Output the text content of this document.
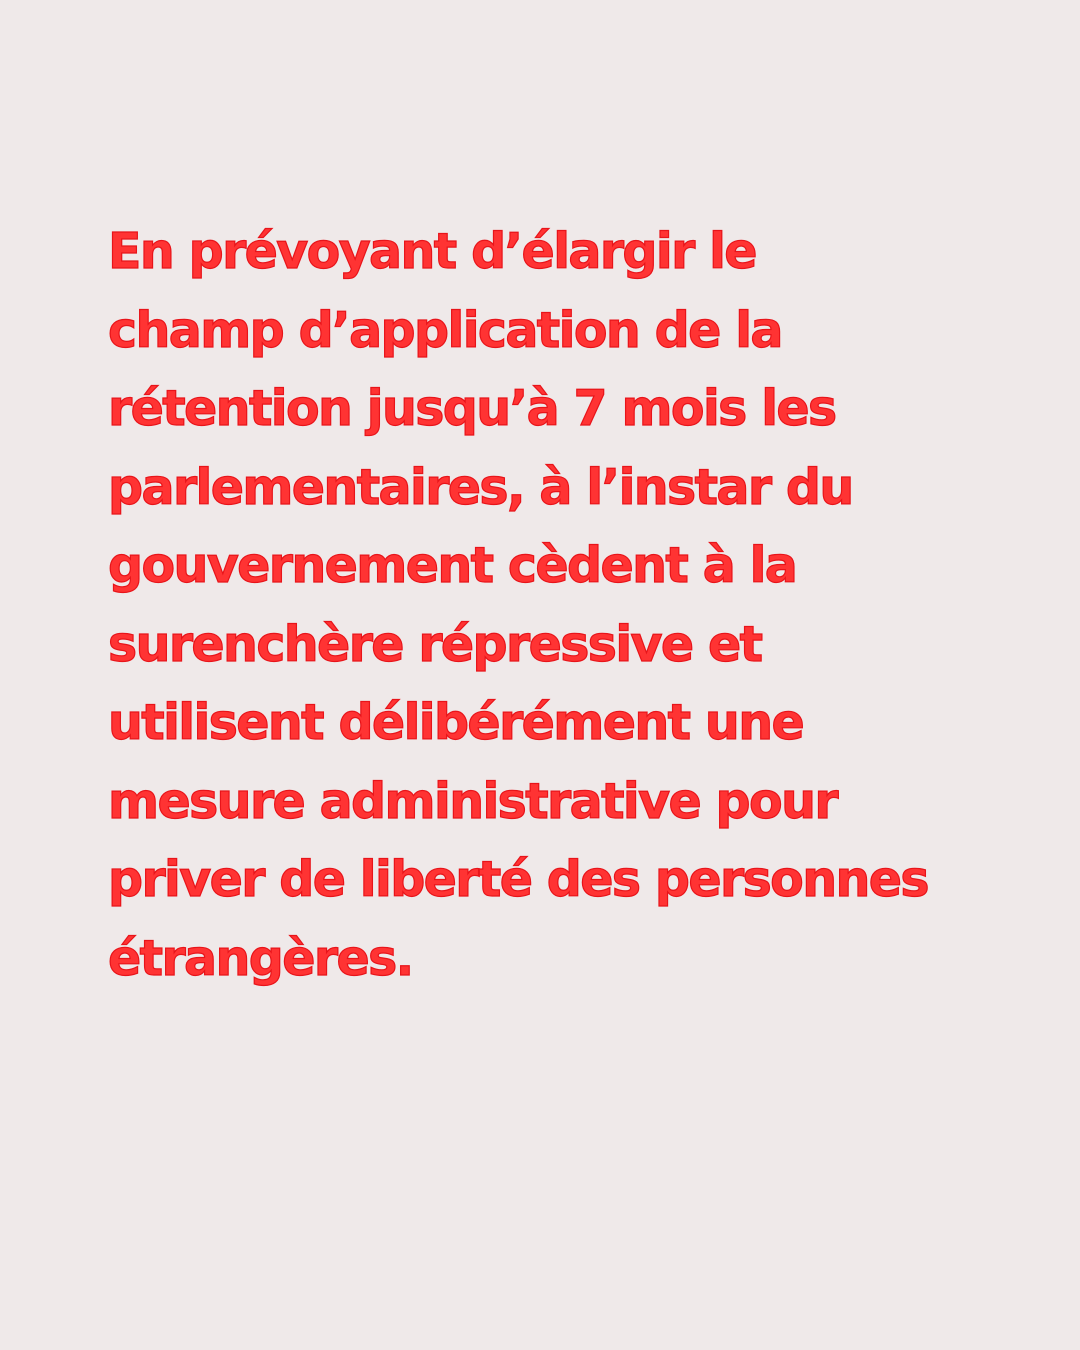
En prévoyant d’élargir le
champ d’application de la
rétention jusqu’à 7 mois les
parlementaires, à l’instar du
gouvernement cèdent à la
surenchère répressive et
utilisent délibérément une
mesure administrative pour
priver de liberté des personnes
étrangères.
